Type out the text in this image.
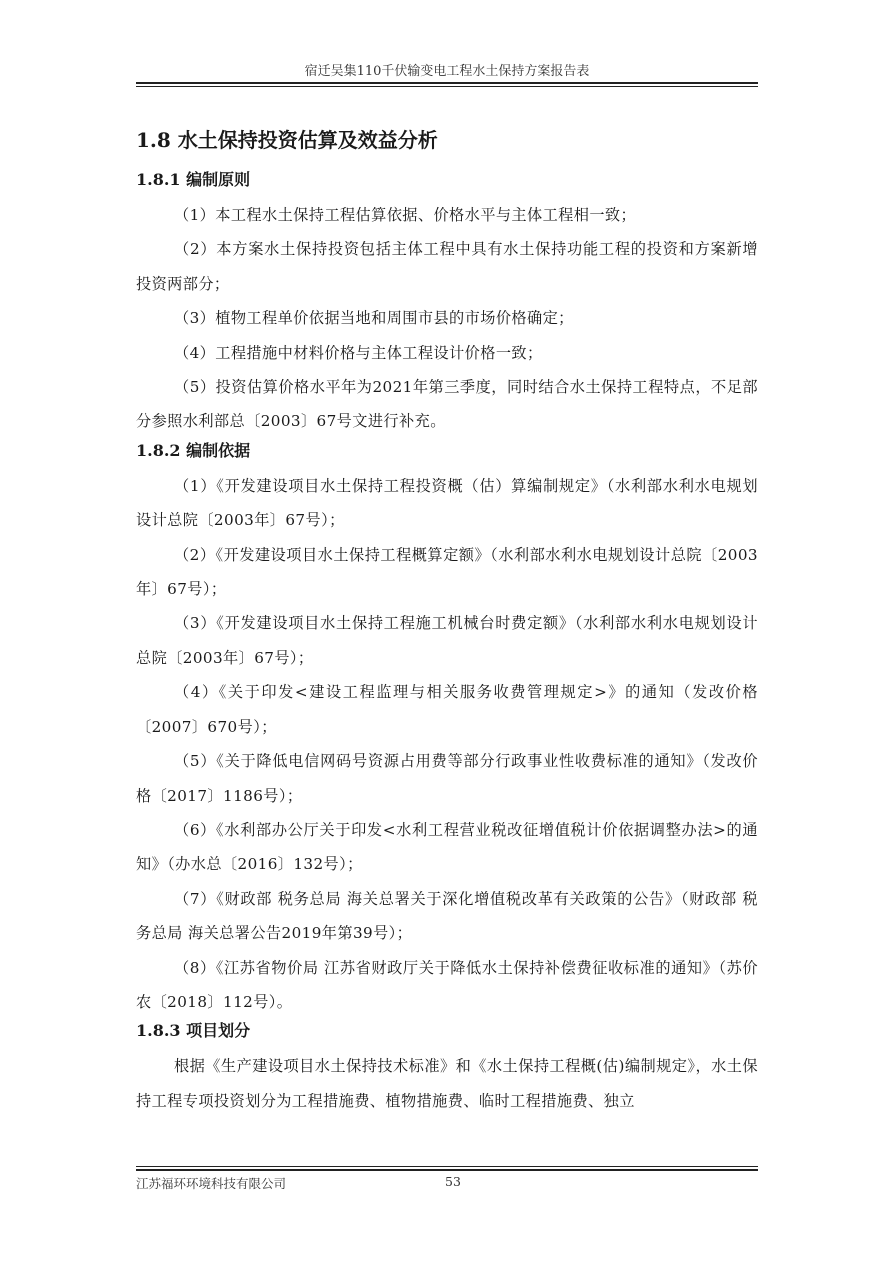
宿迁吴集110千伏输变电工程水土保持方案报告表
1.8 水土保持投资估算及效益分析
1.8.1 编制原则

（1）本工程水土保持工程估算依据、价格水平与主体工程相一致；

（2）本方案水土保持投资包括主体工程中具有水土保持功能工程的投资和方案新增投资两部分；

（3）植物工程单价依据当地和周围市县的市场价格确定；

（4）工程措施中材料价格与主体工程设计价格一致；

（5）投资估算价格水平年为2021年第三季度，同时结合水土保持工程特点，不足部分参照水利部总〔2003〕67号文进行补充。

1.8.2 编制依据

（1）《开发建设项目水土保持工程投资概（估）算编制规定》（水利部水利水电规划设计总院〔2003年〕67号）；

（2）《开发建设项目水土保持工程概算定额》（水利部水利水电规划设计总院〔2003年〕67号）；

（3）《开发建设项目水土保持工程施工机械台时费定额》（水利部水利水电规划设计总院〔2003年〕67号）；

（4）《关于印发<建设工程监理与相关服务收费管理规定>》的通知（发改价格〔2007〕670号）；

（5）《关于降低电信网码号资源占用费等部分行政事业性收费标准的通知》（发改价格〔2017〕1186号）；

（6）《水利部办公厅关于印发<水利工程营业税改征增值税计价依据调整办法>的通知》（办水总〔2016〕132号）；

（7）《财政部 税务总局 海关总署关于深化增值税改革有关政策的公告》（财政部 税务总局 海关总署公告2019年第39号）；

（8）《江苏省物价局 江苏省财政厅关于降低水土保持补偿费征收标准的通知》（苏价农〔2018〕112号）。

1.8.3 项目划分

根据《生产建设项目水土保持技术标准》和《水土保持工程概(估)编制规定》，水土保持工程专项投资划分为工程措施费、植物措施费、临时工程措施费、独立

江苏福环环境科技有限公司	53
